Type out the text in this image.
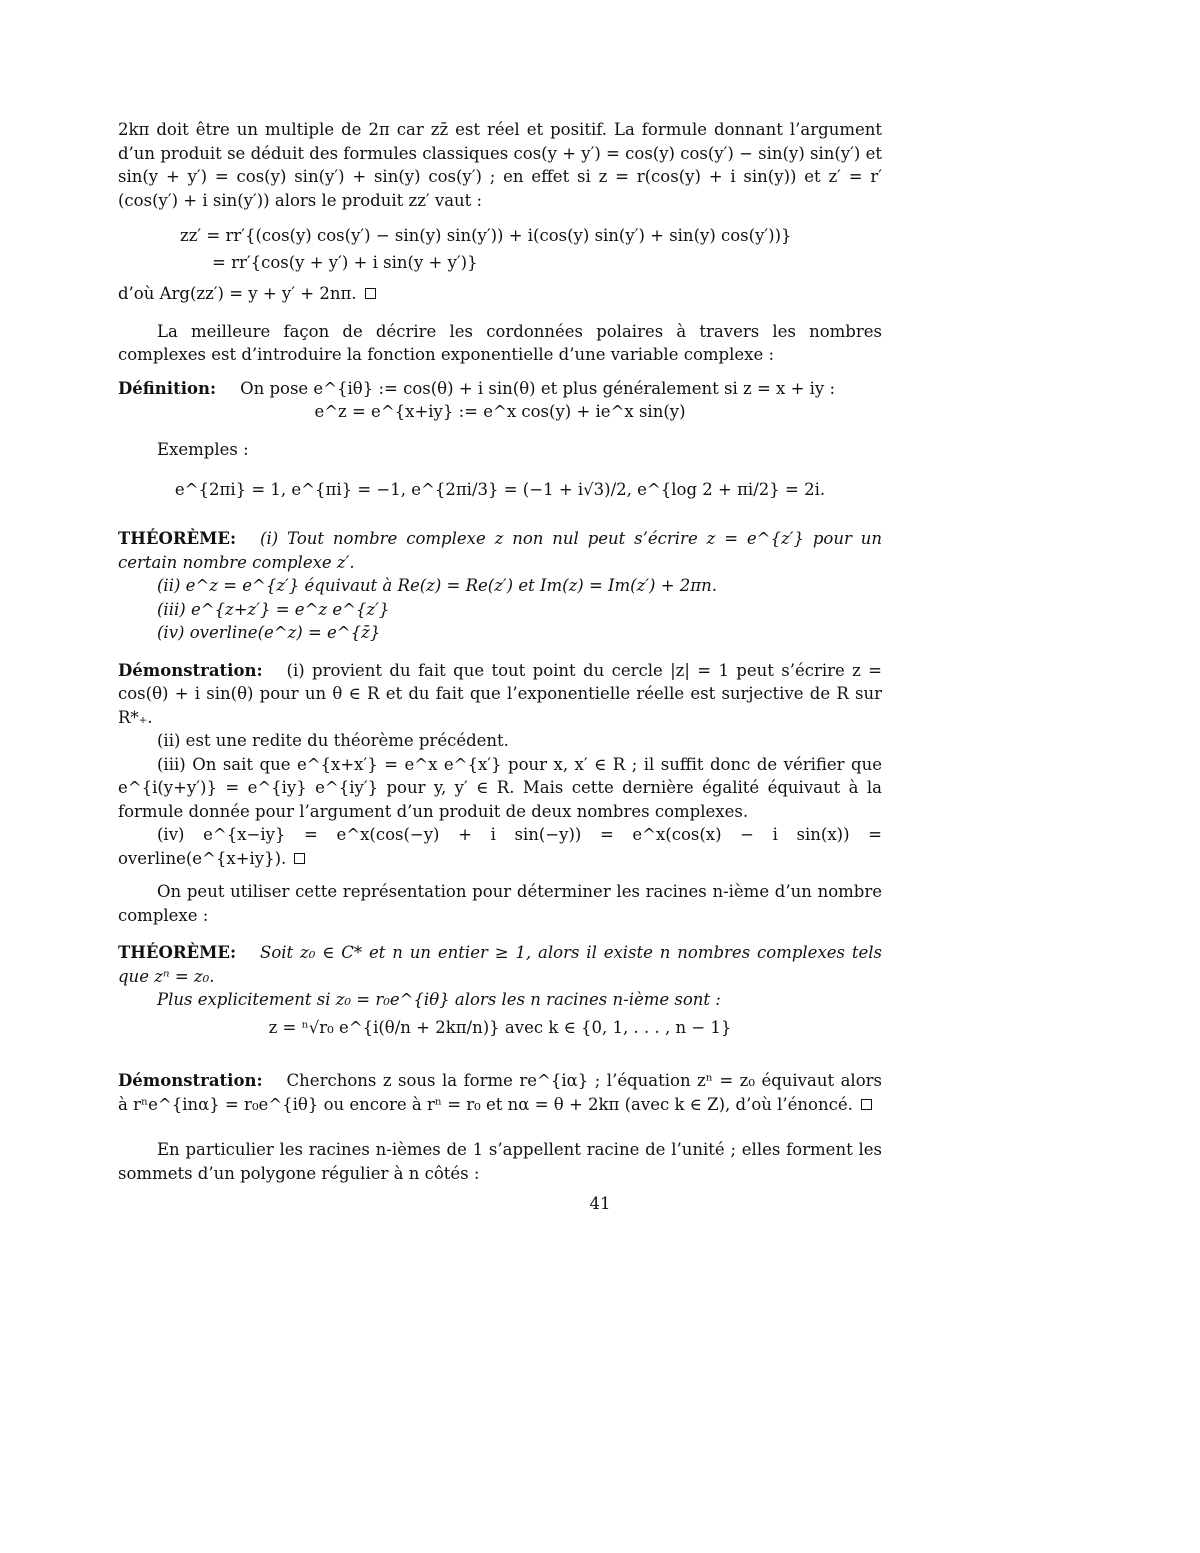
2kπ doit être un multiple de 2π car zz̄ est réel et positif. La formule donnant l’argument d’un produit se déduit des formules classiques cos(y + y′) = cos(y) cos(y′) − sin(y) sin(y′) et sin(y + y′) = cos(y) sin(y′) + sin(y) cos(y′) ; en effet si z = r(cos(y) + i sin(y)) et z′ = r′(cos(y′) + i sin(y′)) alors le produit zz′ vaut :

zz′ = rr′{(cos(y) cos(y′) − sin(y) sin(y′)) + i(cos(y) sin(y′) + sin(y) cos(y′))}
= rr′{cos(y + y′) + i sin(y + y′)}

d’où Arg(zz′) = y + y′ + 2nπ.

La meilleure façon de décrire les cordonnées polaires à travers les nombres complexes est d’introduire la fonction exponentielle d’une variable complexe :

Définition: On pose e^{iθ} := cos(θ) + i sin(θ) et plus généralement si z = x + iy :

e^z = e^{x+iy} := e^x cos(y) + ie^x sin(y)

Exemples :

e^{2πi} = 1, e^{πi} = −1, e^{2πi/3} = (−1 + i√3)/2, e^{log 2 + πi/2} = 2i.

THÉORÈME: (i) Tout nombre complexe z non nul peut s’écrire z = e^{z′} pour un certain nombre complexe z′.

(ii) e^z = e^{z′} équivaut à Re(z) = Re(z′) et Im(z) = Im(z′) + 2πn.

(iii) e^{z+z′} = e^z e^{z′}

(iv) overline(e^z) = e^{z̄}

Démonstration: (i) provient du fait que tout point du cercle |z| = 1 peut s’écrire z = cos(θ) + i sin(θ) pour un θ ∈ R et du fait que l’exponentielle réelle est surjective de R sur R*₊.

(ii) est une redite du théorème précédent.

(iii) On sait que e^{x+x′} = e^x e^{x′} pour x, x′ ∈ R ; il suffit donc de vérifier que e^{i(y+y′)} = e^{iy} e^{iy′} pour y, y′ ∈ R. Mais cette dernière égalité équivaut à la formule donnée pour l’argument d’un produit de deux nombres complexes.

(iv) e^{x−iy} = e^x(cos(−y) + i sin(−y)) = e^x(cos(x) − i sin(x)) = overline(e^{x+iy}).

On peut utiliser cette représentation pour déterminer les racines n-ième d’un nombre complexe :

THÉORÈME: Soit z₀ ∈ C* et n un entier ≥ 1, alors il existe n nombres complexes tels que zⁿ = z₀.

Plus explicitement si z₀ = r₀e^{iθ} alors les n racines n-ième sont :

z = ⁿ√r₀ e^{i(θ/n + 2kπ/n)} avec k ∈ {0, 1, . . . , n − 1}

Démonstration: Cherchons z sous la forme re^{iα} ; l’équation zⁿ = z₀ équivaut alors à rⁿe^{inα} = r₀e^{iθ} ou encore à rⁿ = r₀ et nα = θ + 2kπ (avec k ∈ Z), d’où l’énoncé.

En particulier les racines n-ièmes de 1 s’appellent racine de l’unité ; elles forment les sommets d’un polygone régulier à n côtés :

41
